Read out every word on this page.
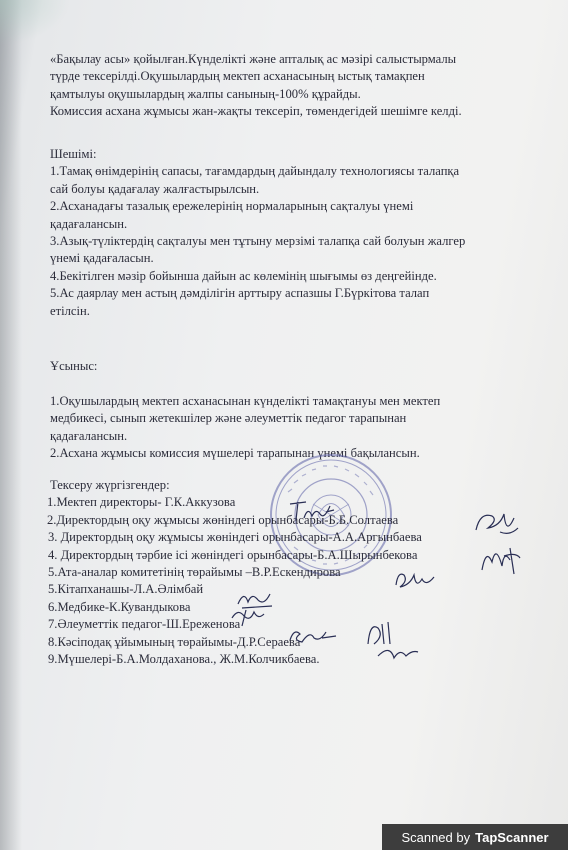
«Бақылау асы» қойылған.Күнделікті және апталық ас мәзірі салыстырмалы

түрде тексерілді.Оқушылардың мектеп асханасының ыстық тамақпен

қамтылуы оқушылардың жалпы санының-100% құрайды.

Комиссия асхана жұмысы жан-жақты тексеріп, төмендегідей шешімге келді.

Шешімі:

1.Тамақ өнімдерінің сапасы, тағамдардың дайындалу технологиясы талапқа

сай болуы қадағалау жалғастырылсын.

2.Асханадағы тазалық ережелерінің нормаларының сақталуы үнемі

қадағалансын.

3.Азық-түліктердің сақталуы мен тұтыну мерзімі талапқа сай болуын жалгер

үнемі қадағаласын.

4.Бекітілген мәзір бойынша дайын ас көлемінің шығымы өз деңгейінде.

5.Ас даярлау мен астың дәмділігін арттыру аспазшы Г.Бүркітова талап

етілсін.

Ұсыныс:

1.Оқушылардың мектеп асханасынан күнделікті тамақтануы мен мектеп

медбикесі, сынып жетекшілер және әлеуметтік педагог тарапынан

қадағалансын.

2.Асхана жұмысы комиссия мүшелері тарапынан үнемі бақылансын.

Тексеру жүргізгендер:

1.Мектеп директоры- Г.К.Аккузова

2.Директордың оқу жұмысы жөніндегі орынбасары-Б.Б.Солтаева

3. Директордың оқу жұмысы жөніндегі орынбасары-А.А.Аргынбаева

4. Директордың тәрбие ісі жөніндегі орынбасары-Б.А.Шырынбекова

5.Ата-аналар комитетінің төрайымы –В.Р.Ескендирова

5.Кітапханашы-Л.А.Әлімбай

6.Медбике-К.Кувандыкова

7.Әлеуметтік педагог-Ш.Ереженова

8.Кәсіподақ ұйымының төрайымы-Д.Р.Сераева

9.Мүшелері-Б.А.Молдаханова., Ж.М.Колчикбаева.

Scanned by TapScanner
